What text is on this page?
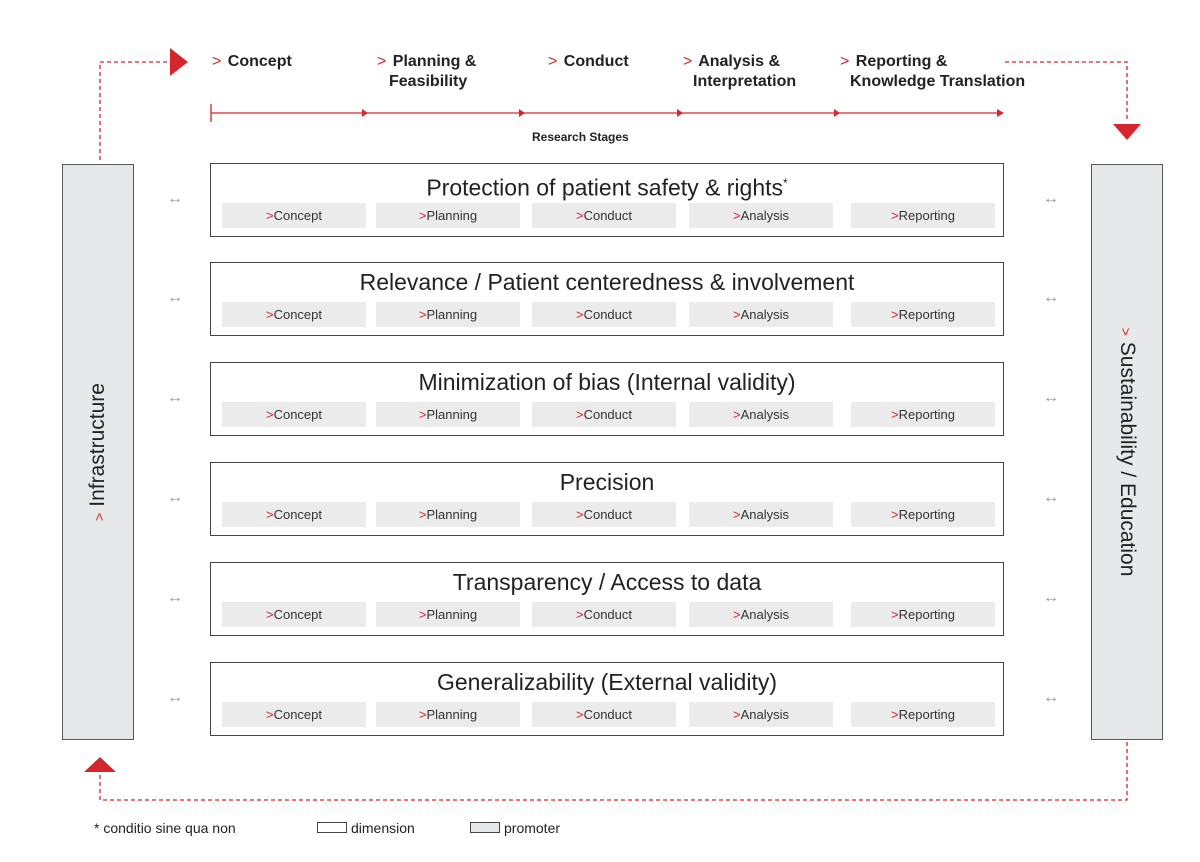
> Concept	> Planning &
Feasibility
> Conduct	> Analysis &
Interpretation
> Reporting &
Knowledge Translation
Research Stages
>Infrastructure
>Sustainability / Education
Protection of patient safety & rights*
>Concept	>Planning	>Conduct	>Analysis	>Reporting
↔	↔
Relevance / Patient centeredness & involvement
>Concept	>Planning	>Conduct	>Analysis	>Reporting
↔	↔
Minimization of bias (Internal validity)
>Concept	>Planning	>Conduct	>Analysis	>Reporting
↔	↔
Precision
>Concept	>Planning	>Conduct	>Analysis	>Reporting
↔	↔
Transparency / Access to data
>Concept	>Planning	>Conduct	>Analysis	>Reporting
↔	↔
Generalizability (External validity)
>Concept	>Planning	>Conduct	>Analysis	>Reporting
↔	↔
* conditio sine qua non	dimension	promoter
